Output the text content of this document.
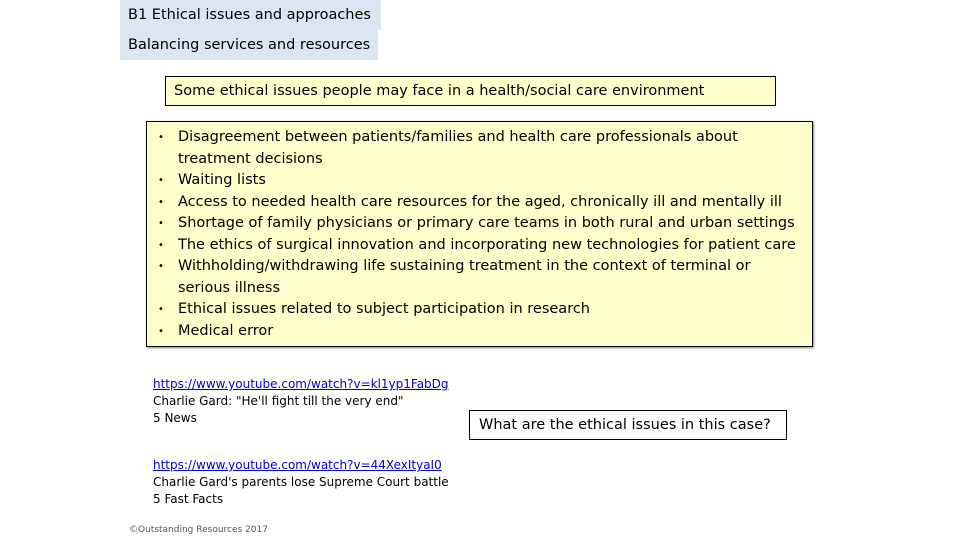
B1 Ethical issues and approaches
Balancing services and resources
Some ethical issues people may face in a health/social care environment
• Disagreement between patients/families and health care professionals about treatment decisions
• Waiting lists
• Access to needed health care resources for the aged, chronically ill and mentally ill
• Shortage of family physicians or primary care teams in both rural and urban settings
• The ethics of surgical innovation and incorporating new technologies for patient care
• Withholding/withdrawing life sustaining treatment in the context of terminal or serious illness
• Ethical issues related to subject participation in research
• Medical error
https://www.youtube.com/watch?v=kl1yp1FabDg
Charlie Gard: "He'll fight till the very end"
5 News
https://www.youtube.com/watch?v=44XexItyaI0
Charlie Gard's parents lose Supreme Court battle
5 Fast Facts
What are the ethical issues in this case?
©Outstanding Resources 2017
